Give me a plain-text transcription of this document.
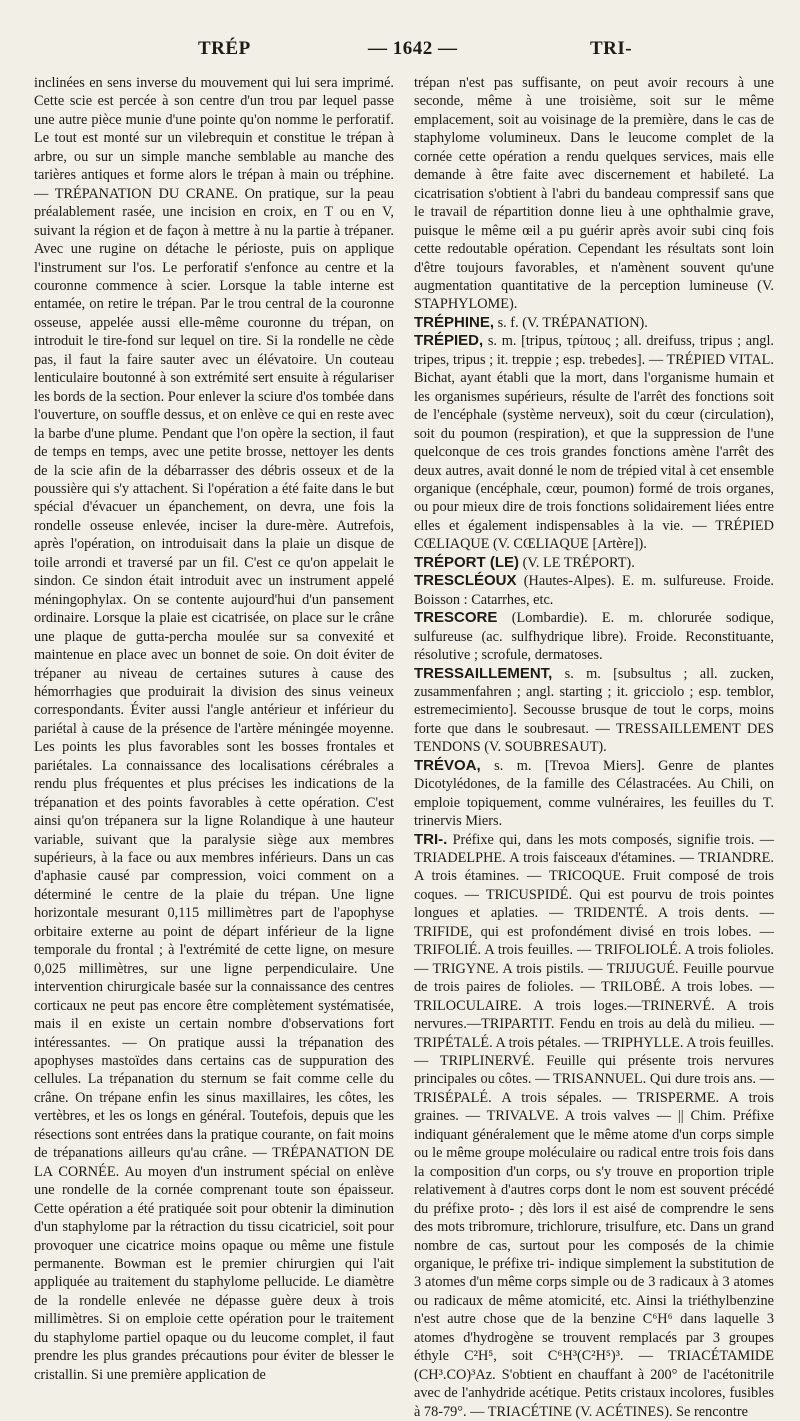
TRÉP	— 1642 —	TRI-

inclinées en sens inverse du mouvement qui lui sera imprimé. Cette scie est percée à son centre d'un trou par lequel passe une autre pièce munie d'une pointe qu'on nomme le perforatif. Le tout est monté sur un vilebrequin et constitue le trépan à arbre, ou sur un simple manche semblable au manche des tarières antiques et forme alors le trépan à main ou tréphine. — TRÉPANATION DU CRANE. On pratique, sur la peau préalablement rasée, une incision en croix, en T ou en V, suivant la région et de façon à mettre à nu la partie à trépaner. Avec une rugine on détache le périoste, puis on applique l'instrument sur l'os. Le perforatif s'enfonce au centre et la couronne commence à scier. Lorsque la table interne est entamée, on retire le trépan. Par le trou central de la couronne osseuse, appelée aussi elle-même couronne du trépan, on introduit le tire-fond sur lequel on tire. Si la rondelle ne cède pas, il faut la faire sauter avec un élévatoire. Un couteau lenticulaire boutonné à son extrémité sert ensuite à régulariser les bords de la section. Pour enlever la sciure d'os tombée dans l'ouverture, on souffle dessus, et on enlève ce qui en reste avec la barbe d'une plume. Pendant que l'on opère la section, il faut de temps en temps, avec une petite brosse, nettoyer les dents de la scie afin de la débarrasser des débris osseux et de la poussière qui s'y attachent. Si l'opération a été faite dans le but spécial d'évacuer un épanchement, on devra, une fois la rondelle osseuse enlevée, inciser la dure-mère. Autrefois, après l'opération, on introduisait dans la plaie un disque de toile arrondi et traversé par un fil. C'est ce qu'on appelait le sindon. Ce sindon était introduit avec un instrument appelé méningophylax. On se contente aujourd'hui d'un pansement ordinaire. Lorsque la plaie est cicatrisée, on place sur le crâne une plaque de gutta-percha moulée sur sa convexité et maintenue en place avec un bonnet de soie. On doit éviter de trépaner au niveau de certaines sutures à cause des hémorrhagies que produirait la division des sinus veineux correspondants. Éviter aussi l'angle antérieur et inférieur du pariétal à cause de la présence de l'artère méningée moyenne. Les points les plus favorables sont les bosses frontales et pariétales. La connaissance des localisations cérébrales a rendu plus fréquentes et plus précises les indications de la trépanation et des points favorables à cette opération. C'est ainsi qu'on trépanera sur la ligne Rolandique à une hauteur variable, suivant que la paralysie siège aux membres supérieurs, à la face ou aux membres inférieurs. Dans un cas d'aphasie causé par compression, voici comment on a déterminé le centre de la plaie du trépan. Une ligne horizontale mesurant 0,115 millimètres part de l'apophyse orbitaire externe au point de départ inférieur de la ligne temporale du frontal ; à l'extrémité de cette ligne, on mesure 0,025 millimètres, sur une ligne perpendiculaire. Une intervention chirurgicale basée sur la connaissance des centres corticaux ne peut pas encore être complètement systématisée, mais il en existe un certain nombre d'observations fort intéressantes. — On pratique aussi la trépanation des apophyses mastoïdes dans certains cas de suppuration des cellules. La trépanation du sternum se fait comme celle du crâne. On trépane enfin les sinus maxillaires, les côtes, les vertèbres, et les os longs en général. Toutefois, depuis que les résections sont entrées dans la pratique courante, on fait moins de trépanations ailleurs qu'au crâne. — TRÉPANATION DE LA CORNÉE. Au moyen d'un instrument spécial on enlève une rondelle de la cornée comprenant toute son épaisseur. Cette opération a été pratiquée soit pour obtenir la diminution d'un staphylome par la rétraction du tissu cicatriciel, soit pour provoquer une cicatrice moins opaque ou même une fistule permanente. Bowman est le premier chirurgien qui l'ait appliquée au traitement du staphylome pellucide. Le diamètre de la rondelle enlevée ne dépasse guère deux à trois millimètres. Si on emploie cette opération pour le traitement du staphylome partiel opaque ou du leucome complet, il faut prendre les plus grandes précautions pour éviter de blesser le cristallin. Si une première application de

trépan n'est pas suffisante, on peut avoir recours à une seconde, même à une troisième, soit sur le même emplacement, soit au voisinage de la première, dans le cas de staphylome volumineux. Dans le leucome complet de la cornée cette opération a rendu quelques services, mais elle demande à être faite avec discernement et habileté. La cicatrisation s'obtient à l'abri du bandeau compressif sans que le travail de répartition donne lieu à une ophthalmie grave, puisque le même œil a pu guérir après avoir subi cinq fois cette redoutable opération. Cependant les résultats sont loin d'être toujours favorables, et n'amènent souvent qu'une augmentation quantitative de la perception lumineuse (V. STAPHYLOME).

TRÉPHINE, s. f. (V. TRÉPANATION).

TRÉPIED, s. m. [tripus, τρίπους ; all. dreifuss, tripus ; angl. tripes, tripus ; it. treppie ; esp. trebedes]. — TRÉPIED VITAL. Bichat, ayant établi que la mort, dans l'organisme humain et les organismes supérieurs, résulte de l'arrêt des fonctions soit de l'encéphale (système nerveux), soit du cœur (circulation), soit du poumon (respiration), et que la suppression de l'une quelconque de ces trois grandes fonctions amène l'arrêt des deux autres, avait donné le nom de trépied vital à cet ensemble organique (encéphale, cœur, poumon) formé de trois organes, ou pour mieux dire de trois fonctions solidairement liées entre elles et également indispensables à la vie. — TRÉPIED CŒLIAQUE (V. CŒLIAQUE [Artère]).

TRÉPORT (LE) (V. LE TRÉPORT).

TRESCLÉOUX (Hautes-Alpes). E. m. sulfureuse. Froide. Boisson : Catarrhes, etc.

TRESCORE (Lombardie). E. m. chlorurée sodique, sulfureuse (ac. sulfhydrique libre). Froide. Reconstituante, résolutive ; scrofule, dermatoses.

TRESSAILLEMENT, s. m. [subsultus ; all. zucken, zusammenfahren ; angl. starting ; it. gricciolo ; esp. temblor, estremecimiento]. Secousse brusque de tout le corps, moins forte que dans le soubresaut. — TRESSAILLEMENT DES TENDONS (V. SOUBRESAUT).

TRÉVOA, s. m. [Trevoa Miers]. Genre de plantes Dicotylédones, de la famille des Célastracées. Au Chili, on emploie topiquement, comme vulnéraires, les feuilles du T. trinervis Miers.

TRI-. Préfixe qui, dans les mots composés, signifie trois. — TRIADELPHE. A trois faisceaux d'étamines. — TRIANDRE. A trois étamines. — TRICOQUE. Fruit composé de trois coques. — TRICUSPIDÉ. Qui est pourvu de trois pointes longues et aplaties. — TRIDENTÉ. A trois dents. — TRIFIDE, qui est profondément divisé en trois lobes. — TRIFOLIÉ. A trois feuilles. — TRIFOLIOLÉ. A trois folioles. — TRIGYNE. A trois pistils. — TRIJUGUÉ. Feuille pourvue de trois paires de folioles. — TRILOBÉ. A trois lobes. — TRILOCULAIRE. A trois loges.—TRINERVÉ. A trois nervures.—TRIPARTIT. Fendu en trois au delà du milieu. — TRIPÉTALÉ. A trois pétales. — TRIPHYLLE. A trois feuilles. — TRIPLINERVÉ. Feuille qui présente trois nervures principales ou côtes. — TRISANNUEL. Qui dure trois ans. — TRISÉPALÉ. A trois sépales. — TRISPERME. A trois graines. — TRIVALVE. A trois valves — || Chim. Préfixe indiquant généralement que le même atome d'un corps simple ou le même groupe moléculaire ou radical entre trois fois dans la composition d'un corps, ou s'y trouve en proportion triple relativement à d'autres corps dont le nom est souvent précédé du préfixe proto- ; dès lors il est aisé de comprendre le sens des mots tribromure, trichlorure, trisulfure, etc. Dans un grand nombre de cas, surtout pour les composés de la chimie organique, le préfixe tri- indique simplement la substitution de 3 atomes d'un même corps simple ou de 3 radicaux à 3 atomes ou radicaux de même atomicité, etc. Ainsi la triéthylbenzine n'est autre chose que de la benzine C⁶H⁶ dans laquelle 3 atomes d'hydrogène se trouvent remplacés par 3 groupes éthyle C²H⁵, soit C⁶H³(C²H⁵)³. — TRIACÉTAMIDE (CH³.CO)³Az. S'obtient en chauffant à 200° de l'acétonitrile avec de l'anhydride acétique. Petits cristaux incolores, fusibles à 78-79°. — TRIACÉTINE (V. ACÉTINES). Se rencontre
